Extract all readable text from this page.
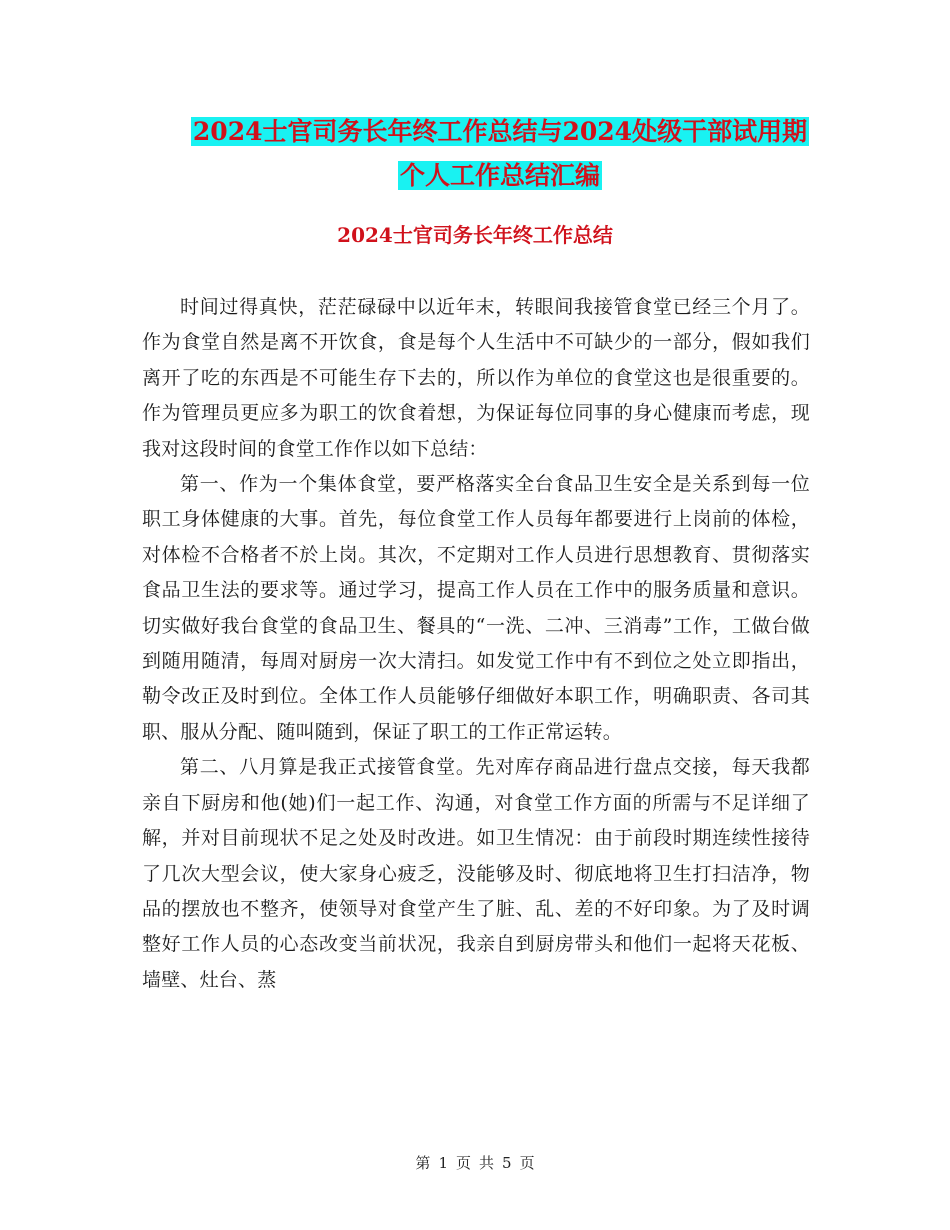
2024士官司务长年终工作总结与2024处级干部试用期
个人工作总结汇编
2024士官司务长年终工作总结

时间过得真快，茫茫碌碌中以近年末，转眼间我接管食堂已经三个月了。作为食堂自然是离不开饮食，食是每个人生活中不可缺少的一部分，假如我们离开了吃的东西是不可能生存下去的，所以作为单位的食堂这也是很重要的。作为管理员更应多为职工的饮食着想，为保证每位同事的身心健康而考虑，现我对这段时间的食堂工作作以如下总结：

第一、作为一个集体食堂，要严格落实全台食品卫生安全是关系到每一位职工身体健康的大事。首先，每位食堂工作人员每年都要进行上岗前的体检，对体检不合格者不於上岗。其次，不定期对工作人员进行思想教育、贯彻落实食品卫生法的要求等。通过学习，提高工作人员在工作中的服务质量和意识。切实做好我台食堂的食品卫生、餐具的“一洗、二冲、三消毒”工作，工做台做到随用随清，每周对厨房一次大清扫。如发觉工作中有不到位之处立即指出，勒令改正及时到位。全体工作人员能够仔细做好本职工作，明确职责、各司其职、服从分配、随叫随到，保证了职工的工作正常运转。

第二、八月算是我正式接管食堂。先对库存商品进行盘点交接，每天我都亲自下厨房和他(她)们一起工作、沟通，对食堂工作方面的所需与不足详细了解，并对目前现状不足之处及时改进。如卫生情况：由于前段时期连续性接待了几次大型会议，使大家身心疲乏，没能够及时、彻底地将卫生打扫洁净，物品的摆放也不整齐，使领导对食堂产生了脏、乱、差的不好印象。为了及时调整好工作人员的心态改变当前状况，我亲自到厨房带头和他们一起将天花板、墙壁、灶台、蒸

第 1 页 共 5 页
